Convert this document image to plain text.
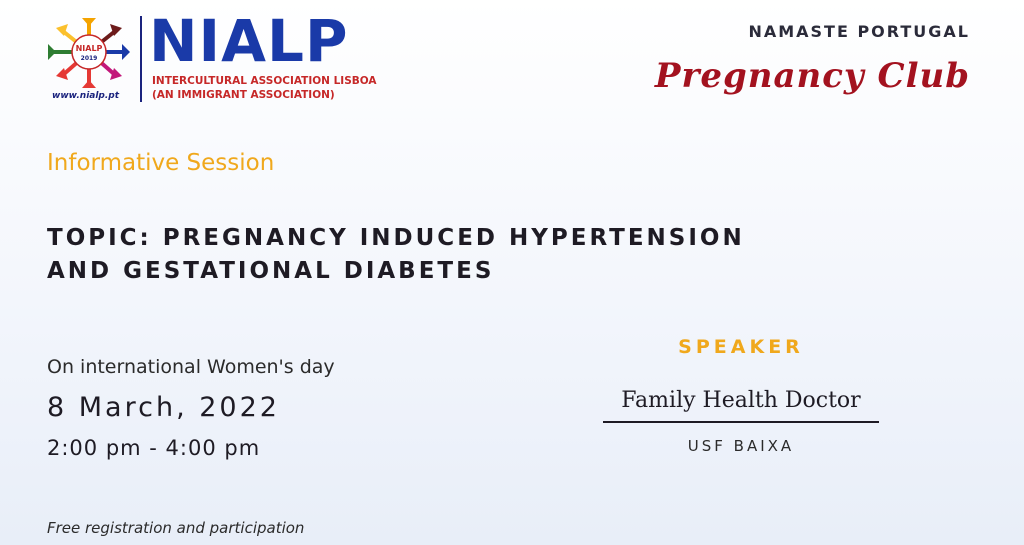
NIALP
2019
www.nialp.pt
NIALP
INTERCULTURAL ASSOCIATION LISBOA
(AN IMMIGRANT ASSOCIATION)
NAMASTE PORTUGAL
Pregnancy Club
Informative Session
TOPIC: PREGNANCY INDUCED HYPERTENSION
AND GESTATIONAL DIABETES
On international Women's day
8 March, 2022
2:00 pm - 4:00 pm
Free registration and participation
SPEAKER
Family Health Doctor
USF BAIXA
